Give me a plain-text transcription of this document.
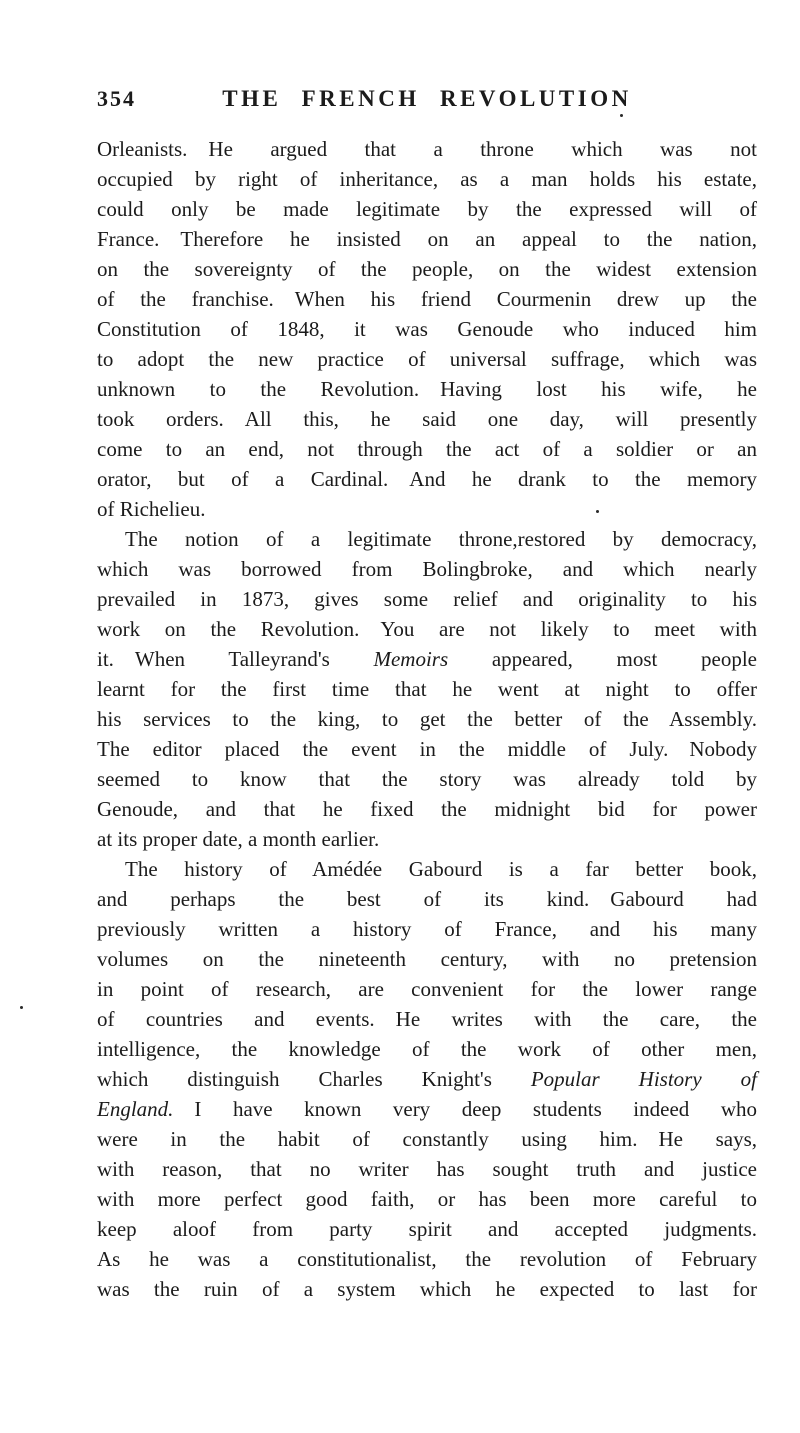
354	THE FRENCH REVOLUTION
Orleanists.  He argued that a throne which was not
occupied by right of inheritance, as a man holds his estate,
could only be made legitimate by the expressed will of
France.  Therefore he insisted on an appeal to the nation,
on the sovereignty of the people, on the widest extension
of the franchise.  When his friend Courmenin drew up the
Constitution of 1848, it was Genoude who induced him
to adopt the new practice of universal suffrage, which was
unknown to the Revolution.  Having lost his wife, he
took orders.  All this, he said one day, will presently
come to an end, not through the act of a soldier or an
orator, but of a Cardinal.  And he drank to the memory
of Richelieu.
The notion of a legitimate throne,restored by democracy,
which was borrowed from Bolingbroke, and which nearly
prevailed in 1873, gives some relief and originality to his
work on the Revolution.  You are not likely to meet with
it.  When Talleyrand's Memoirs appeared, most people
learnt for the first time that he went at night to offer
his services to the king, to get the better of the Assembly.
The editor placed the event in the middle of July.  Nobody
seemed to know that the story was already told by
Genoude, and that he fixed the midnight bid for power
at its proper date, a month earlier.
The history of Amédée Gabourd is a far better book,
and perhaps the best of its kind.  Gabourd had
previously written a history of France, and his many
volumes on the nineteenth century, with no pretension
in point of research, are convenient for the lower range
of countries and events.  He writes with the care, the
intelligence, the knowledge of the work of other men,
which distinguish Charles Knight's Popular History of
England.  I have known very deep students indeed who
were in the habit of constantly using him.  He says,
with reason, that no writer has sought truth and justice
with more perfect good faith, or has been more careful to
keep aloof from party spirit and accepted judgments.
As he was a constitutionalist, the revolution of February
was the ruin of a system which he expected to last for
